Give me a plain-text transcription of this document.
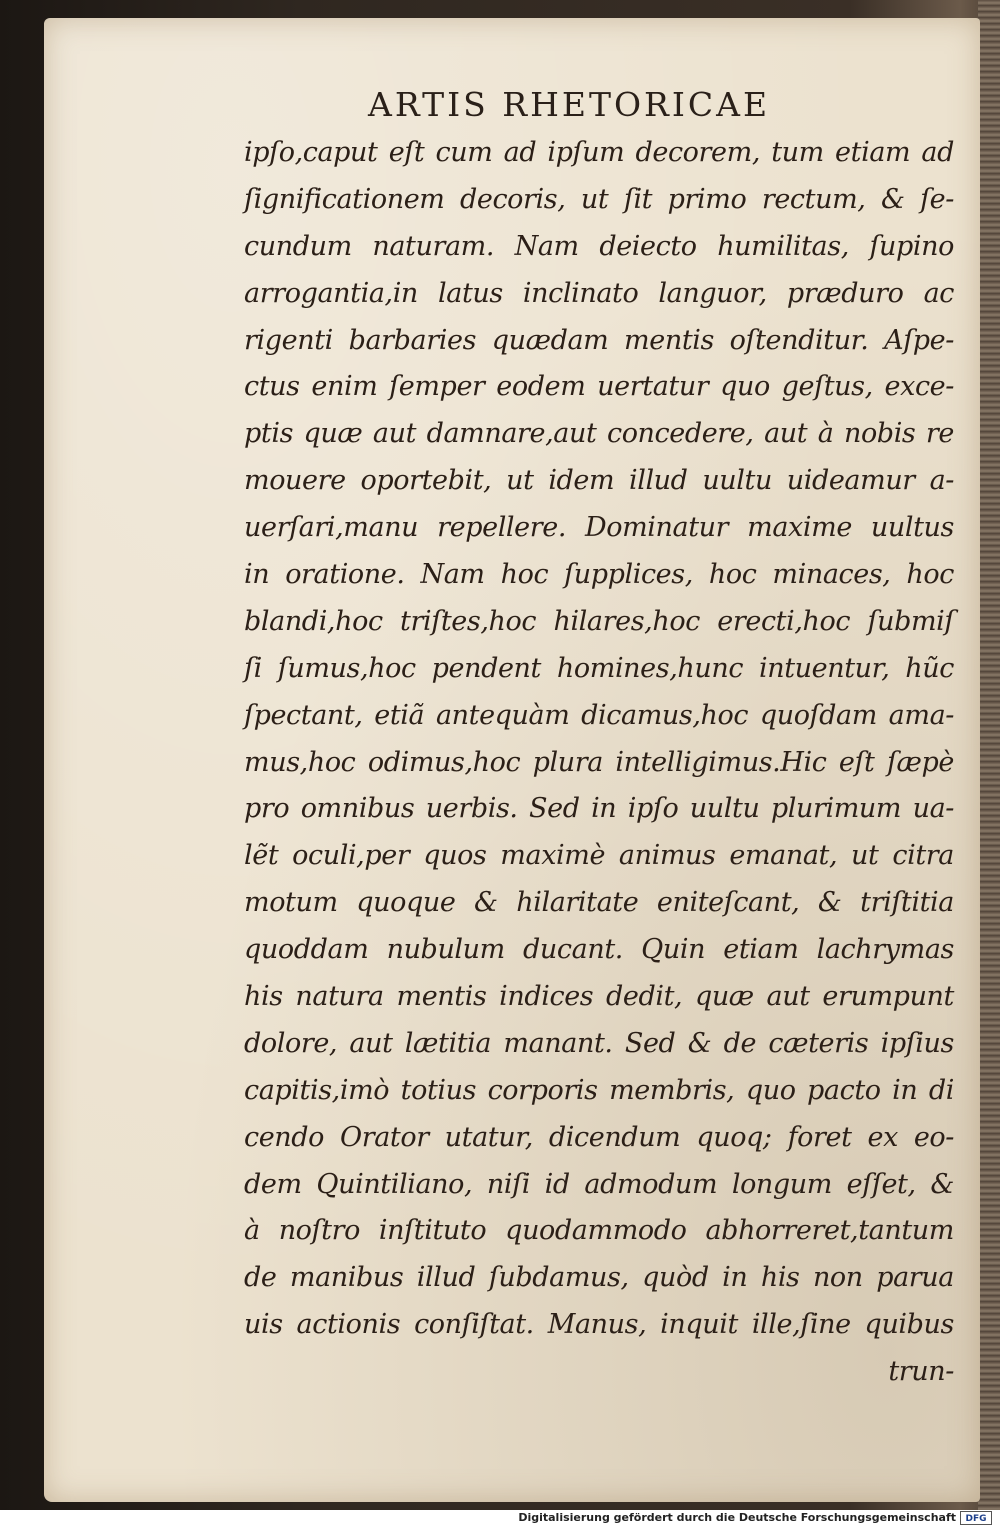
ARTIS RHETORICAE
ipſo,caput eſt cum ad ipſum decorem, tum etiam ad
ſignificationem decoris, ut ſit primo rectum, & ſe-
cundum naturam. Nam deiecto humilitas, ſupino
arrogantia,in latus inclinato languor, præduro ac
rigenti barbaries quædam mentis oſtenditur. Aſpe-
ctus enim ſemper eodem uertatur quo geſtus, exce-
ptis quæ aut damnare,aut concedere, aut à nobis re
mouere oportebit, ut idem illud uultu uideamur a-
uerſari,manu repellere. Dominatur maxime uultus
in oratione. Nam hoc ſupplices, hoc minaces, hoc
blandi,hoc triſtes,hoc hilares,hoc erecti,hoc ſubmiſ
ſi ſumus,hoc pendent homines,hunc intuentur, hũc
ſpectant, etiã antequàm dicamus,hoc quoſdam ama-
mus,hoc odimus,hoc plura intelligimus.Hic eſt ſæpè
pro omnibus uerbis. Sed in ipſo uultu plurimum ua-
lẽt oculi,per quos maximè animus emanat, ut citra
motum quoque & hilaritate eniteſcant, & triſtitia
quoddam nubulum ducant. Quin etiam lachrymas
his natura mentis indices dedit, quæ aut erumpunt
dolore, aut lætitia manant. Sed & de cæteris ipſius
capitis,imò totius corporis membris, quo pacto in di
cendo Orator utatur, dicendum quoq; foret ex eo-
dem Quintiliano, niſi id admodum longum eſſet, &
à noſtro inſtituto quodammodo abhorreret,tantum
de manibus illud ſubdamus, quòd in his non parua
uis actionis conſiſtat. Manus, inquit ille,ſine quibus
trun-
Digitalisierung gefördert durch die Deutsche Forschungsgemeinschaft	DFG
